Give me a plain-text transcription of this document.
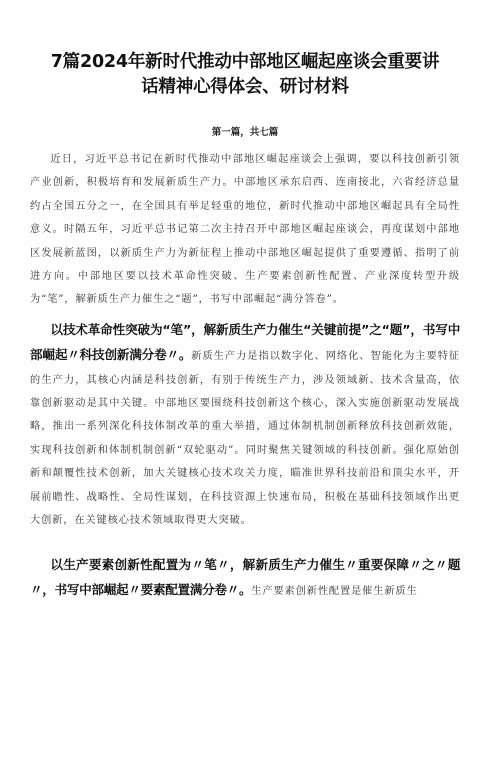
7篇2024年新时代推动中部地区崛起座谈会重要讲
话精神心得体会、研讨材料
第一篇，共七篇

近日，习近平总书记在新时代推动中部地区崛起座谈会上强调，要以科技创新引领产业创新，积极培育和发展新质生产力。中部地区承东启西、连南接北，六省经济总量约占全国五分之一，在全国具有举足轻重的地位，新时代推动中部地区崛起具有全局性意义。时隔五年，习近平总书记第二次主持召开中部地区崛起座谈会，再度谋划中部地区发展新蓝图，以新质生产力为新征程上推动中部地区崛起提供了重要遵循、指明了前进方向。中部地区要以技术革命性突破、生产要素创新性配置、产业深度转型升级为“笔”，解新质生产力催生之“题”，书写中部崛起“满分答卷”。

以技术革命性突破为“笔”，解新质生产力催生“关键前提”之“题”，书写中部崛起〃科技创新满分卷〃。新质生产力是指以数字化、网络化、智能化为主要特征的生产力，其核心内涵是科技创新，有别于传统生产力，涉及领域新、技术含量高，依靠创新驱动是其中关键。中部地区要围绕科技创新这个核心，深入实施创新驱动发展战略，推出一系列深化科技体制改革的重大举措，通过体制机制创新释放科技创新效能，实现科技创新和体制机制创新“双轮驱动”。同时聚焦关键领域的科技创新。强化原始创新和颠覆性技术创新，加大关键核心技术攻关力度，瞄准世界科技前沿和顶尖水平，开展前瞻性、战略性、全局性谋划，在科技资源上快速布局，积极在基础科技领域作出更大创新，在关键核心技术领域取得更大突破。

以生产要素创新性配置为〃笔〃，解新质生产力催生〃重要保障〃之〃题〃，书写中部崛起〃要素配置满分卷〃。生产要素创新性配置是催生新质生
